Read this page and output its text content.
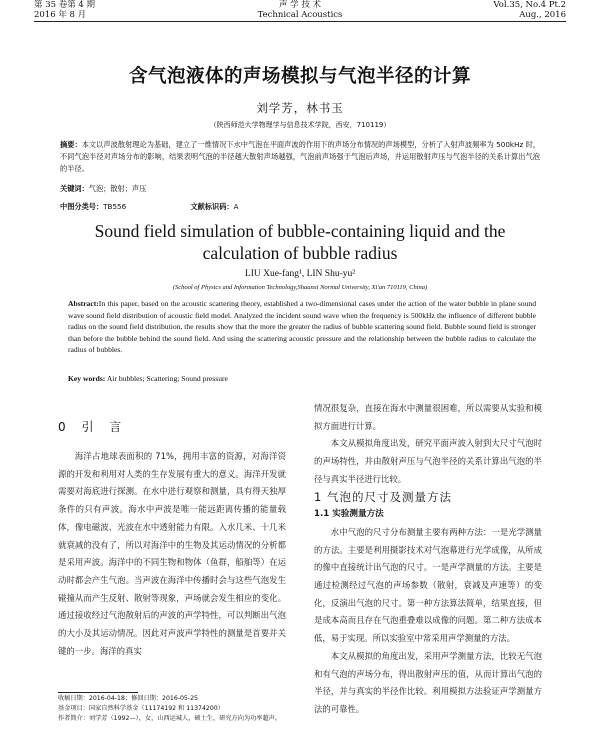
第 35 卷第 4 期
2016 年 8 月
声 学 技 术
Technical Acoustics
Vol.35, No.4 Pt.2
Aug., 2016
含气泡液体的声场模拟与气泡半径的计算
刘学芳，林书玉
（陕西师范大学物理学与信息技术学院，西安，710119）
摘要：本文以声波散射理论为基础，建立了一维情况下水中气泡在平面声波的作用下的声场分布情况的声场模型，分析了入射声波频率为 500kHz 时，不同气泡半径对声场分布的影响，结果表明气泡的半径越大散射声场越强，气泡前声场强于气泡后声场，并运用散射声压与气泡半径的关系计算出气泡的半径。
关键词：气泡；散射；声压
中图分类号：TB556	文献标识码：A
Sound field simulation of bubble-containing liquid and the
calculation of bubble radius
LIU Xue-fang¹, LIN Shu-yu²
(School of Physics and Information Technology,Shaanxi Normal University, Xi'an 710119, China)
Abstract:In this paper, based on the acoustic scattering theory, established a two-dimensional cases under the action of the water bubble in plane sound wave sound field distribution of acoustic field model. Analyzed the incident sound wave when the frequency is 500kHz the influence of different bubble radius on the sound field distribution, the results show that the more the greater the radius of bubble scattering sound field. Bubble sound field is stronger than before the bubble behind the sound field. And using the scattering acoustic pressure and the relationship between the bubble radius to calculate the radius of bubbles.
Key words: Air bubbles; Scattering; Sound pressure
0 引 言

海洋占地球表面积的 71%，拥用丰富的资源，对海洋资源的开发和利用对人类的生存发展有重大的意义。海洋开发就需要对海底进行探测。在水中进行观察和测量，具有得天独厚条件的只有声波。海水中声波是唯一能远距离传播的能量载体，像电磁波、光波在水中透射能力有限。入水几米、十几米就衰减的没有了，所以对海洋中的生物及其运动情况的分析都是采用声波。海洋中的不同生物和物体（鱼群，船舶等）在运动时都会产生气泡。当声波在海洋中传播时会与这些气泡发生碰撞从而产生反射、散射等现象，声场就会发生相应的变化。通过接收经过气泡散射后的声波的声学特性，可以判断出气泡的大小及其运动情况。因此对声波声学特性的测量是首要并关键的一步。海洋的真实

情况很复杂，直接在海水中测量很困难，所以需要从实验和模拟方面进行计算。

本文从模拟角度出发，研究平面声波入射到大尺寸气泡时的声场特性，并由散射声压与气泡半径的关系计算出气泡的半径与真实半径进行比较。

1 气泡的尺寸及测量方法

1.1 实验测量方法

水中气泡的尺寸分布测量主要有两种方法：一是光学测量的方法。主要是利用摄影技术对气泡幕进行光学成像，从所成的像中直接统计出气泡的尺寸。一是声学测量的方法。主要是通过检测经过气泡的声场参数（散射，衰减及声速等）的变化，反演出气泡的尺寸。第一种方法算法简单，结果直接，但是成本高而且存在气泡重叠难以成像的问题。第二种方法成本低，易于实现。所以实验室中常采用声学测量的方法。

本文从模拟的角度出发，采用声学测量方法，比较无气泡和有气泡的声场分布，得出散射声压的值，从而计算出气泡的半径，并与真实的半径作比较。利用模拟方法验证声学测量方法的可靠性。

收稿日期：2016-04-18；修回日期：2016-05-25
基金项目：国家自然科学基金（11174192 和 11374200）
作者简介：刘学芳（1992—），女，山西运城人，硕士生，研究方向为功率超声。
